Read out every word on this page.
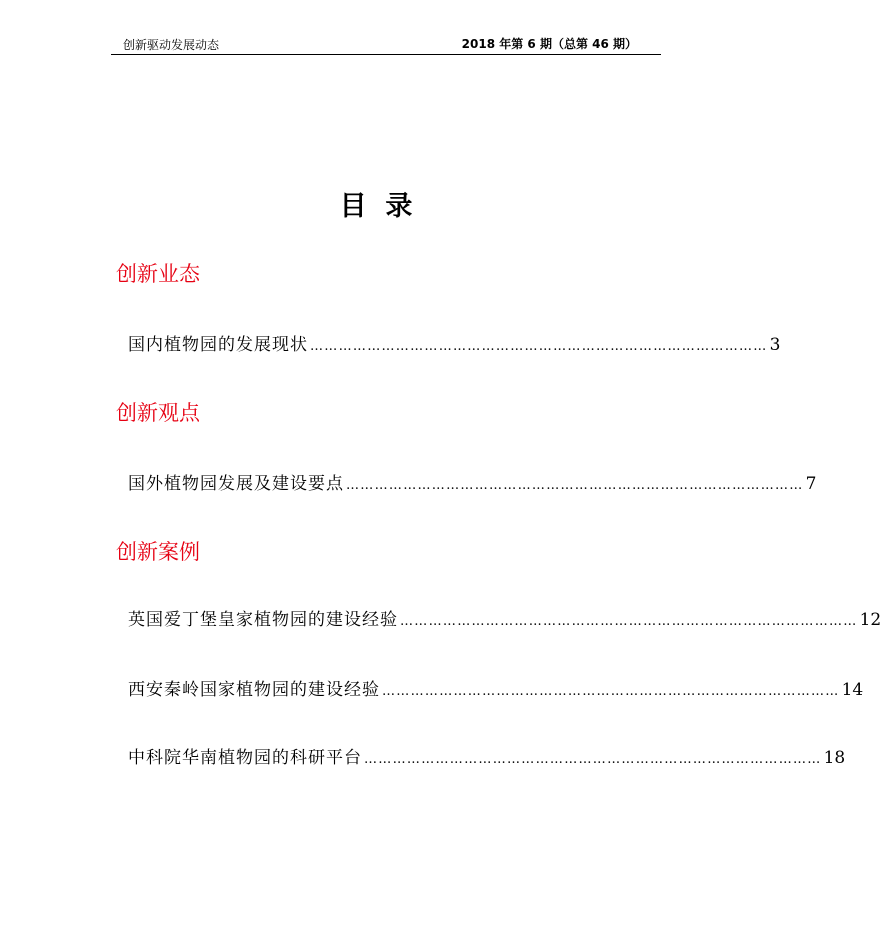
创新驱动发展动态	2018 年第 6 期（总第 46 期）
目  录
创新业态
国内植物园的发展现状 …………………………………………………………………………………… 3
创新观点
国外植物园发展及建设要点 …………………………………………………………………………………… 7
创新案例
英国爱丁堡皇家植物园的建设经验 …………………………………………………………………………………… 12
西安秦岭国家植物园的建设经验 …………………………………………………………………………………… 14
中科院华南植物园的科研平台 …………………………………………………………………………………… 18
